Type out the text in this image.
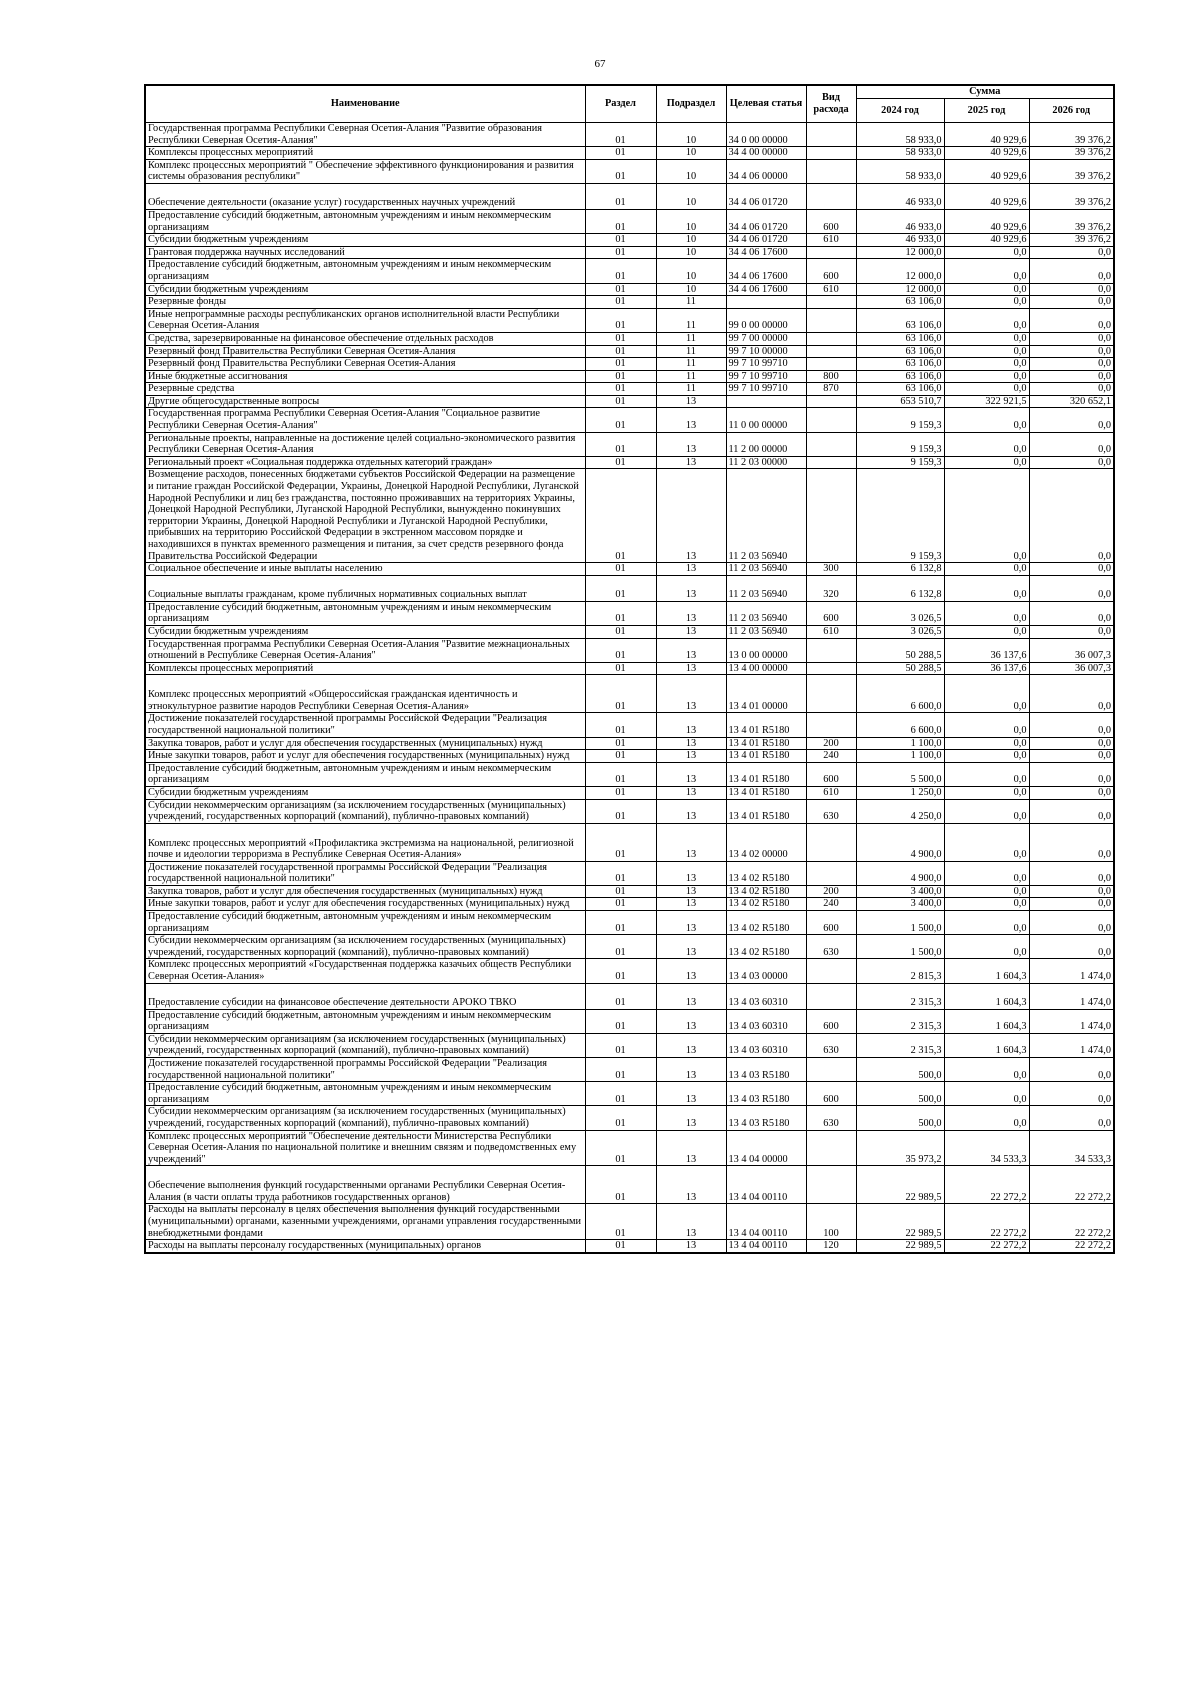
67
Наименование	Раздел	Подраздел	Целевая статья	Вид расхода	Сумма		
					2024 год	2025 год	2026 год
Государственная программа Республики Северная Осетия-Алания "Развитие образования Республики Северная Осетия-Алания"	01	10	34 0 00 00000		58 933,0	40 929,6	39 376,2
Комплексы процессных мероприятий	01	10	34 4 00 00000		58 933,0	40 929,6	39 376,2
Комплекс процессных мероприятий " Обеспечение эффективного функционирования и развития системы образования республики"	01	10	34 4 06 00000		58 933,0	40 929,6	39 376,2
Обеспечение деятельности (оказание услуг) государственных научных учреждений	01	10	34 4 06 01720		46 933,0	40 929,6	39 376,2
Предоставление субсидий бюджетным, автономным учреждениям и иным некоммерческим организациям	01	10	34 4 06 01720	600	46 933,0	40 929,6	39 376,2
Субсидии бюджетным учреждениям	01	10	34 4 06 01720	610	46 933,0	40 929,6	39 376,2
Грантовая поддержка научных исследований	01	10	34 4 06 17600		12 000,0	0,0	0,0
Предоставление субсидий бюджетным, автономным учреждениям и иным некоммерческим организациям	01	10	34 4 06 17600	600	12 000,0	0,0	0,0
Субсидии бюджетным учреждениям	01	10	34 4 06 17600	610	12 000,0	0,0	0,0
Резервные фонды	01	11			63 106,0	0,0	0,0
Иные непрограммные расходы республиканских органов исполнительной власти Республики Северная Осетия-Алания	01	11	99 0 00 00000		63 106,0	0,0	0,0
Средства, зарезервированные на финансовое обеспечение отдельных расходов	01	11	99 7 00 00000		63 106,0	0,0	0,0
Резервный фонд Правительства Республики Северная Осетия-Алания	01	11	99 7 10 00000		63 106,0	0,0	0,0
Резервный фонд Правительства Республики Северная Осетия-Алания	01	11	99 7 10 99710		63 106,0	0,0	0,0
Иные бюджетные ассигнования	01	11	99 7 10 99710	800	63 106,0	0,0	0,0
Резервные средства	01	11	99 7 10 99710	870	63 106,0	0,0	0,0
Другие общегосударственные вопросы	01	13			653 510,7	322 921,5	320 652,1
Государственная программа Республики Северная Осетия-Алания "Социальное развитие Республики Северная Осетия-Алания"	01	13	11 0 00 00000		9 159,3	0,0	0,0
Региональные проекты, направленные на достижение целей социально-экономического развития Республики Северная Осетия-Алания	01	13	11 2 00 00000		9 159,3	0,0	0,0
Региональный проект «Социальная поддержка отдельных категорий граждан»	01	13	11 2 03 00000		9 159,3	0,0	0,0
Возмещение расходов, понесенных бюджетами субъектов Российской Федерации на размещение и питание граждан Российской Федерации, Украины, Донецкой Народной Республики, Луганской Народной Республики и лиц без гражданства, постоянно проживавших на территориях Украины, Донецкой Народной Республики, Луганской Народной Республики, вынужденно покинувших территории Украины, Донецкой Народной Республики и Луганской Народной Республики, прибывших на территорию Российской Федерации в экстренном массовом порядке и находившихся в пунктах временного размещения и питания, за счет средств резервного фонда Правительства Российской Федерации	01	13	11 2 03 56940		9 159,3	0,0	0,0
Социальное обеспечение и иные выплаты населению	01	13	11 2 03 56940	300	6 132,8	0,0	0,0
Социальные выплаты гражданам, кроме публичных нормативных социальных выплат	01	13	11 2 03 56940	320	6 132,8	0,0	0,0
Предоставление субсидий бюджетным, автономным учреждениям и иным некоммерческим организациям	01	13	11 2 03 56940	600	3 026,5	0,0	0,0
Субсидии бюджетным учреждениям	01	13	11 2 03 56940	610	3 026,5	0,0	0,0
Государственная программа Республики Северная Осетия-Алания "Развитие межнациональных отношений в Республике Северная Осетия-Алания"	01	13	13 0 00 00000		50 288,5	36 137,6	36 007,3
Комплексы процессных мероприятий	01	13	13 4 00 00000		50 288,5	36 137,6	36 007,3
Комплекс процессных мероприятий «Общероссийская гражданская идентичность и этнокультурное развитие народов Республики Северная Осетия-Алания»	01	13	13 4 01 00000		6 600,0	0,0	0,0
Достижение показателей государственной программы Российской Федерации "Реализация государственной национальной политики"	01	13	13 4 01 R5180		6 600,0	0,0	0,0
Закупка товаров, работ и услуг для обеспечения государственных (муниципальных) нужд	01	13	13 4 01 R5180	200	1 100,0	0,0	0,0
Иные закупки товаров, работ и услуг для обеспечения государственных (муниципальных) нужд	01	13	13 4 01 R5180	240	1 100,0	0,0	0,0
Предоставление субсидий бюджетным, автономным учреждениям и иным некоммерческим организациям	01	13	13 4 01 R5180	600	5 500,0	0,0	0,0
Субсидии бюджетным учреждениям	01	13	13 4 01 R5180	610	1 250,0	0,0	0,0
Субсидии некоммерческим организациям (за исключением государственных (муниципальных) учреждений, государственных корпораций (компаний), публично-правовых компаний)	01	13	13 4 01 R5180	630	4 250,0	0,0	0,0
Комплекс процессных мероприятий «Профилактика экстремизма на национальной, религиозной почве и идеологии терроризма в Республике Северная Осетия-Алания»	01	13	13 4 02 00000		4 900,0	0,0	0,0
Достижение показателей государственной программы Российской Федерации "Реализация государственной национальной политики"	01	13	13 4 02 R5180		4 900,0	0,0	0,0
Закупка товаров, работ и услуг для обеспечения государственных (муниципальных) нужд	01	13	13 4 02 R5180	200	3 400,0	0,0	0,0
Иные закупки товаров, работ и услуг для обеспечения государственных (муниципальных) нужд	01	13	13 4 02 R5180	240	3 400,0	0,0	0,0
Предоставление субсидий бюджетным, автономным учреждениям и иным некоммерческим организациям	01	13	13 4 02 R5180	600	1 500,0	0,0	0,0
Субсидии некоммерческим организациям (за исключением государственных (муниципальных) учреждений, государственных корпораций (компаний), публично-правовых компаний)	01	13	13 4 02 R5180	630	1 500,0	0,0	0,0
Комплекс процессных мероприятий «Государственная поддержка казачьих обществ Республики Северная Осетия-Алания»	01	13	13 4 03 00000		2 815,3	1 604,3	1 474,0
Предоставление субсидии на финансовое обеспечение деятельности АРОКО ТВКО	01	13	13 4 03 60310		2 315,3	1 604,3	1 474,0
Предоставление субсидий бюджетным, автономным учреждениям и иным некоммерческим организациям	01	13	13 4 03 60310	600	2 315,3	1 604,3	1 474,0
Субсидии некоммерческим организациям (за исключением государственных (муниципальных) учреждений, государственных корпораций (компаний), публично-правовых компаний)	01	13	13 4 03 60310	630	2 315,3	1 604,3	1 474,0
Достижение показателей государственной программы Российской Федерации "Реализация государственной национальной политики"	01	13	13 4 03 R5180		500,0	0,0	0,0
Предоставление субсидий бюджетным, автономным учреждениям и иным некоммерческим организациям	01	13	13 4 03 R5180	600	500,0	0,0	0,0
Субсидии некоммерческим организациям (за исключением государственных (муниципальных) учреждений, государственных корпораций (компаний), публично-правовых компаний)	01	13	13 4 03 R5180	630	500,0	0,0	0,0
Комплекс процессных мероприятий "Обеспечение деятельности Министерства Республики Северная Осетия-Алания по национальной политике и внешним связям и подведомственных ему учреждений"	01	13	13 4 04 00000		35 973,2	34 533,3	34 533,3
Обеспечение выполнения функций государственными органами Республики Северная Осетия-Алания (в части оплаты труда работников государственных органов)	01	13	13 4 04 00110		22 989,5	22 272,2	22 272,2
Расходы на выплаты персоналу в целях обеспечения выполнения функций государственными (муниципальными) органами, казенными учреждениями, органами управления государственными внебюджетными фондами	01	13	13 4 04 00110	100	22 989,5	22 272,2	22 272,2
Расходы на выплаты персоналу государственных (муниципальных) органов	01	13	13 4 04 00110	120	22 989,5	22 272,2	22 272,2
